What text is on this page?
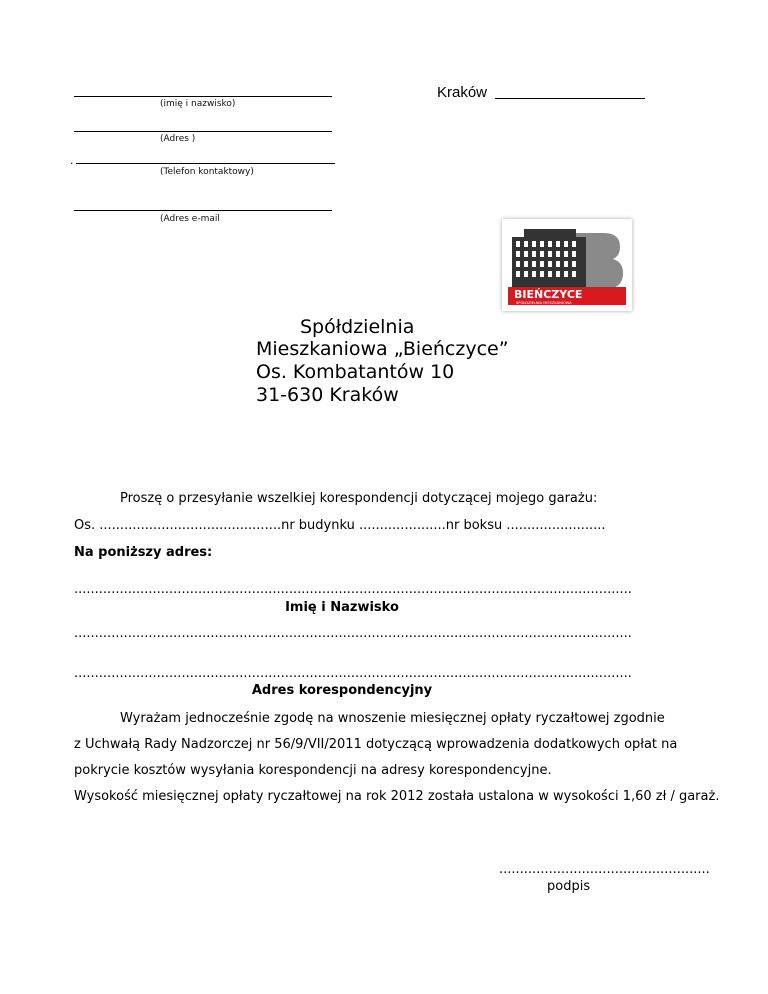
(imię i nazwisko)
(Adres )
.
(Telefon kontaktowy)
(Adres e-mail
Kraków
BIEŃCZYCE
SPÓŁDZIELNIA MIESZKANIOWA
Spółdzielnia
Mieszkaniowa „Bieńczyce”
Os. Kombatantów 10
31-630 Kraków
Proszę o przesyłanie wszelkiej korespondencji dotyczącej mojego garażu:
Os. ............................................nr budynku .....................nr boksu ........................
Na poniższy adres:
.......................................................................................................................................
Imię i Nazwisko
.......................................................................................................................................
.......................................................................................................................................
Adres korespondencyjny
Wyrażam jednocześnie zgodę na wnoszenie miesięcznej opłaty ryczałtowej zgodnie
z Uchwałą Rady Nadzorczej nr 56/9/VII/2011 dotyczącą wprowadzenia dodatkowych opłat na
pokrycie kosztów wysyłania korespondencji na adresy korespondencyjne.
Wysokość miesięcznej opłaty ryczałtowej na rok 2012 została ustalona w wysokości 1,60 zł / garaż.
...................................................
podpis
